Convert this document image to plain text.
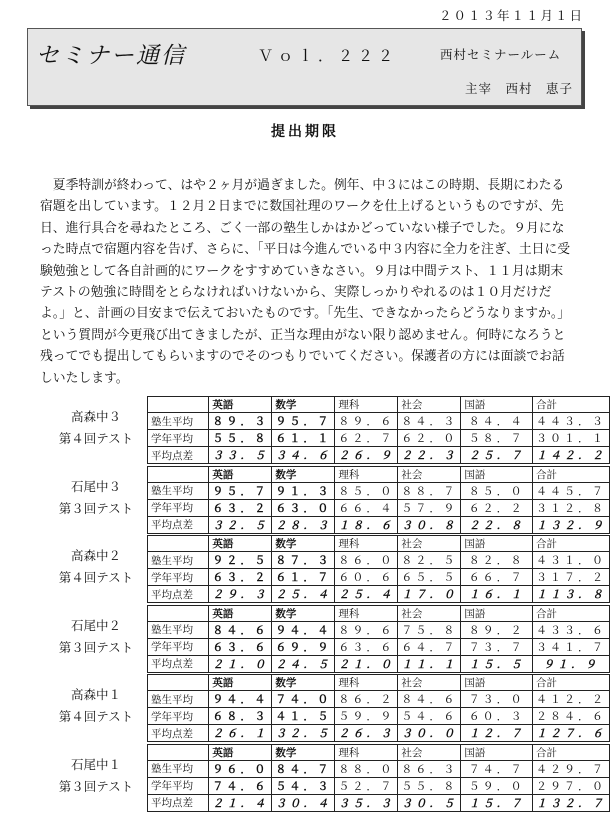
２０１３年１１月１日
セミナー通信	Ｖｏｌ．２２２	西村セミナールーム
主宰　西村　恵子
提出期限

　夏季特訓が終わって、はや２ヶ月が過ぎました。例年、中３にはこの時期、長期にわたる宿題を出しています。１２月２日までに数国社理のワークを仕上げるというものですが、先日、進行具合を尋ねたところ、ごく一部の塾生しかはかどっていない様子でした。９月になった時点で宿題内容を告げ、さらに、「平日は今進んでいる中３内容に全力を注ぎ、土日に受験勉強として各自計画的にワークをすすめていきなさい。９月は中間テスト、１１月は期末テストの勉強に時間をとらなければいけないから、実際しっかりやれるのは１０月だけだよ。」と、計画の目安まで伝えておいたものです。「先生、できなかったらどうなりますか。」という質問が今更飛び出てきましたが、正当な理由がない限り認めません。何時になろうと残ってでも提出してもらいますのでそのつもりでいてください。保護者の方には面談でお話しいたします。

高森中３
第４回テスト
	英語	数学	理科	社会	国語	合計
塾生平均	８９．３	９５．７	８９．６	８４．３	８４．４	４４３．３
学年平均	５５．８	６１．１	６２．７	６２．０	５８．７	３０１．１
平均点差	３３．５	３４．６	２６．９	２２．３	２５．７	１４２．２
石尾中３
第３回テスト
	英語	数学	理科	社会	国語	合計
塾生平均	９５．７	９１．３	８５．０	８８．７	８５．０	４４５．７
学年平均	６３．２	６３．０	６６．４	５７．９	６２．２	３１２．８
平均点差	３２．５	２８．３	１８．６	３０．８	２２．８	１３２．９
高森中２
第４回テスト
	英語	数学	理科	社会	国語	合計
塾生平均	９２．５	８７．３	８６．０	８２．５	８２．８	４３１．０
学年平均	６３．２	６１．７	６０．６	６５．５	６６．７	３１７．２
平均点差	２９．３	２５．４	２５．４	１７．０	１６．１	１１３．８
石尾中２
第３回テスト
	英語	数学	理科	社会	国語	合計
塾生平均	８４．６	９４．４	８９．６	７５．８	８９．２	４３３．６
学年平均	６３．６	６９．９	６３．６	６４．７	７３．７	３４１．７
平均点差	２１．０	２４．５	２１．０	１１．１	１５．５	９１．９
高森中１
第４回テスト
	英語	数学	理科	社会	国語	合計
塾生平均	９４．４	７４．０	８６．２	８４．６	７３．０	４１２．２
学年平均	６８．３	４１．５	５９．９	５４．６	６０．３	２８４．６
平均点差	２６．１	３２．５	２６．３	３０．０	１２．７	１２７．６
石尾中１
第３回テスト
	英語	数学	理科	社会	国語	合計
塾生平均	９６．０	８４．７	８８．０	８６．３	７４．７	４２９．７
学年平均	７４．６	５４．３	５２．７	５５．８	５９．０	２９７．０
平均点差	２１．４	３０．４	３５．３	３０．５	１５．７	１３２．７
